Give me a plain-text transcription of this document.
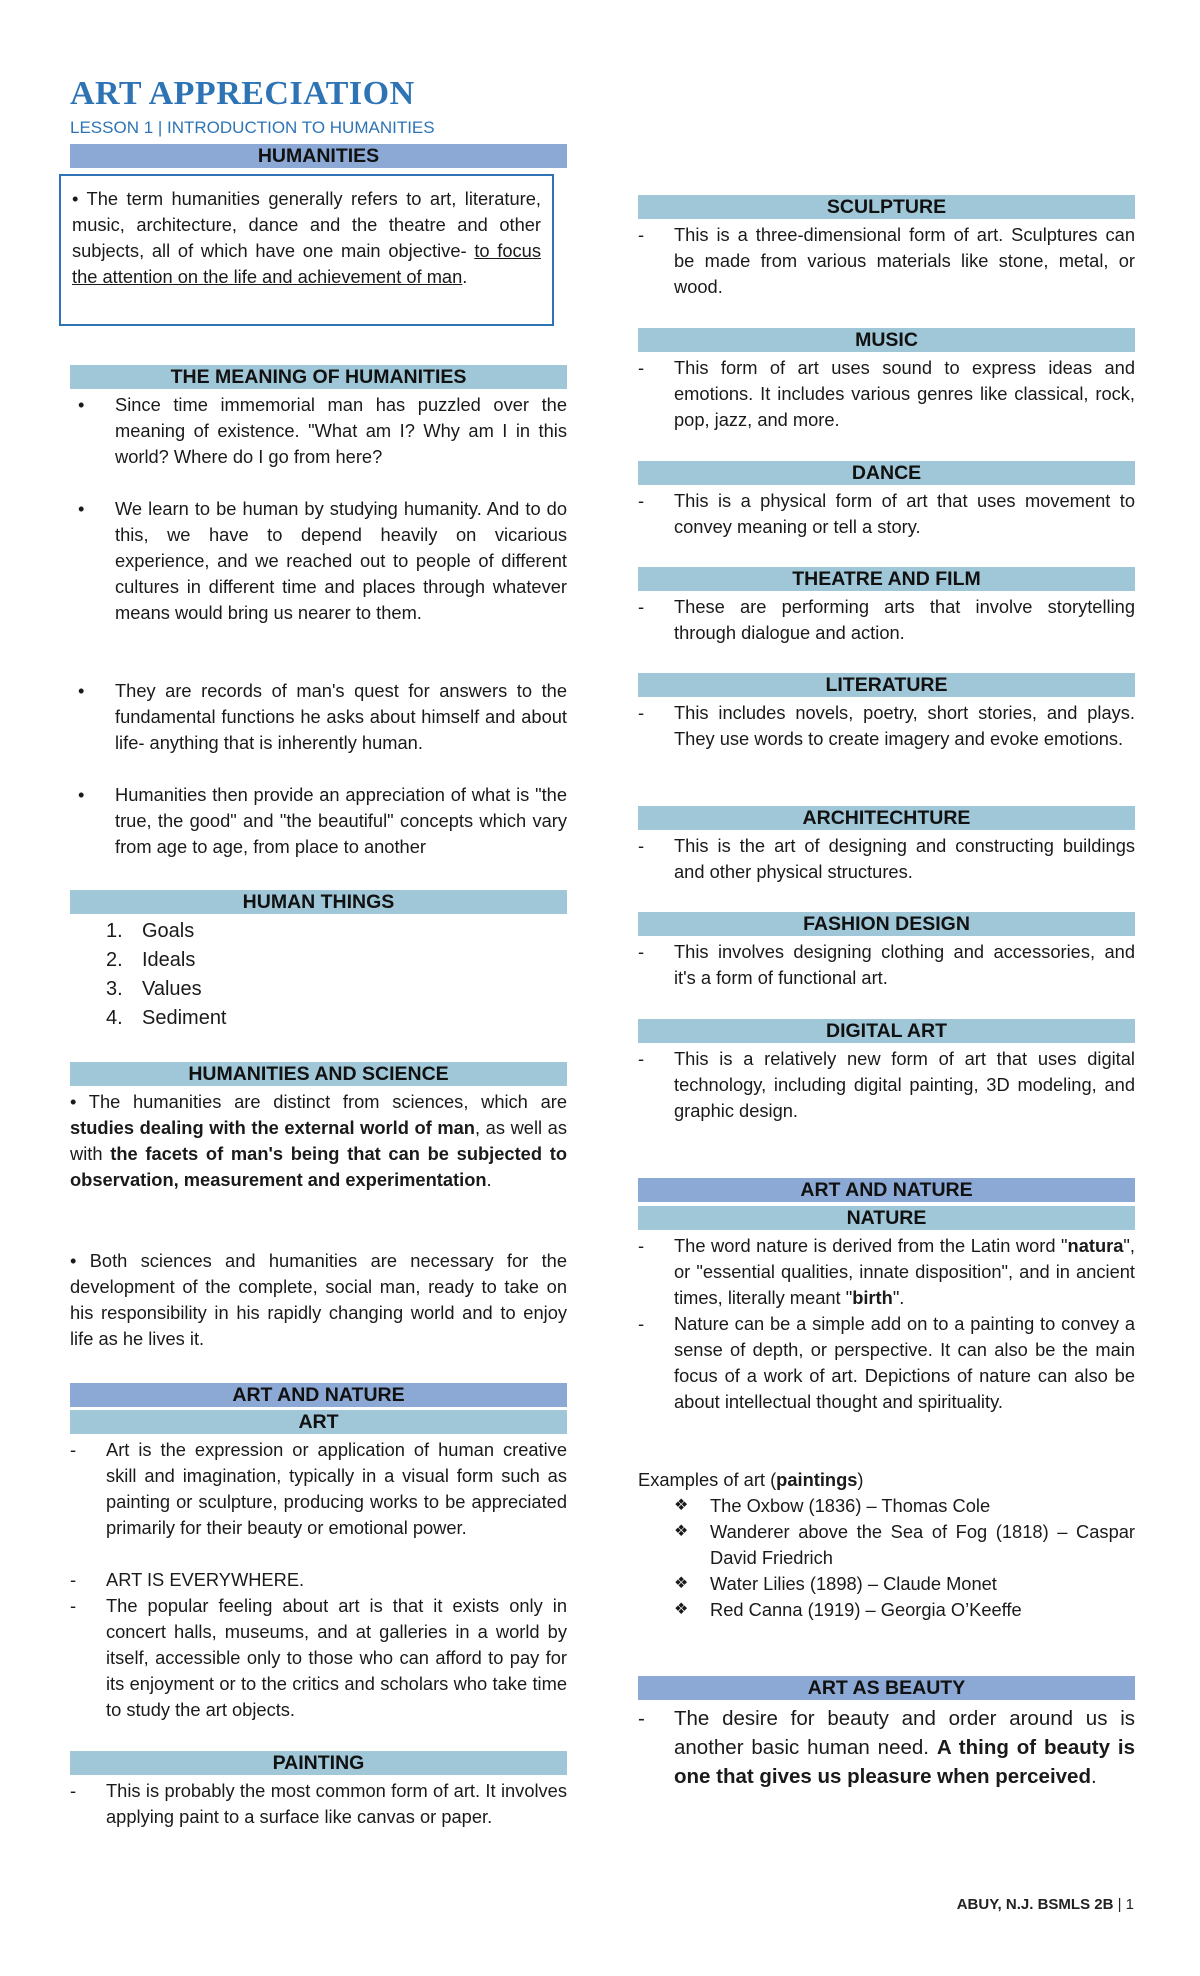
ART APPRECIATION
LESSON 1 | INTRODUCTION TO HUMANITIES
HUMANITIES

• The term humanities generally refers to art, literature, music, architecture, dance and the theatre and other subjects, all of which have one main objective- to focus the attention on the life and achievement of man.

THE MEANING OF HUMANITIES
• Since time immemorial man has puzzled over the meaning of existence. "What am I? Why am I in this world? Where do I go from here?
• We learn to be human by studying humanity. And to do this, we have to depend heavily on vicarious experience, and we reached out to people of different cultures in different time and places through whatever means would bring us nearer to them.
• They are records of man's quest for answers to the fundamental functions he asks about himself and about life- anything that is inherently human.
• Humanities then provide an appreciation of what is "the true, the good" and "the beautiful" concepts which vary from age to age, from place to another
HUMAN THINGS
1. Goals
2. Ideals
3. Values
4. Sediment
HUMANITIES AND SCIENCE
• The humanities are distinct from sciences, which are studies dealing with the external world of man, as well as with the facets of man's being that can be subjected to observation, measurement and experimentation.
• Both sciences and humanities are necessary for the development of the complete, social man, ready to take on his responsibility in his rapidly changing world and to enjoy life as he lives it.
ART AND NATURE
ART
-	Art is the expression or application of human creative skill and imagination, typically in a visual form such as painting or sculpture, producing works to be appreciated primarily for their beauty or emotional power.
-	ART IS EVERYWHERE.
-	The popular feeling about art is that it exists only in concert halls, museums, and at galleries in a world by itself, accessible only to those who can afford to pay for its enjoyment or to the critics and scholars who take time to study the art objects.
PAINTING
-	This is probably the most common form of art. It involves applying paint to a surface like canvas or paper.
SCULPTURE
-	This is a three-dimensional form of art. Sculptures can be made from various materials like stone, metal, or wood.
MUSIC
-	This form of art uses sound to express ideas and emotions. It includes various genres like classical, rock, pop, jazz, and more.
DANCE
-	This is a physical form of art that uses movement to convey meaning or tell a story.
THEATRE AND FILM
-	These are performing arts that involve storytelling through dialogue and action.
LITERATURE
-	This includes novels, poetry, short stories, and plays. They use words to create imagery and evoke emotions.
ARCHITECHTURE
-	This is the art of designing and constructing buildings and other physical structures.
FASHION DESIGN
-	This involves designing clothing and accessories, and it's a form of functional art.
DIGITAL ART
-	This is a relatively new form of art that uses digital technology, including digital painting, 3D modeling, and graphic design.
ART AND NATURE
NATURE
-	The word nature is derived from the Latin word "natura", or "essential qualities, innate disposition", and in ancient times, literally meant "birth".
-	Nature can be a simple add on to a painting to convey a sense of depth, or perspective. It can also be the main focus of a work of art. Depictions of nature can also be about intellectual thought and spirituality.
Examples of art (paintings)
❖ The Oxbow (1836) – Thomas Cole
❖ Wanderer above the Sea of Fog (1818) – Caspar David Friedrich
❖ Water Lilies (1898) – Claude Monet
❖ Red Canna (1919) – Georgia O’Keeffe
ART AS BEAUTY
-	The desire for beauty and order around us is another basic human need. A thing of beauty is one that gives us pleasure when perceived.
ABUY, N.J. BSMLS 2B | 1
